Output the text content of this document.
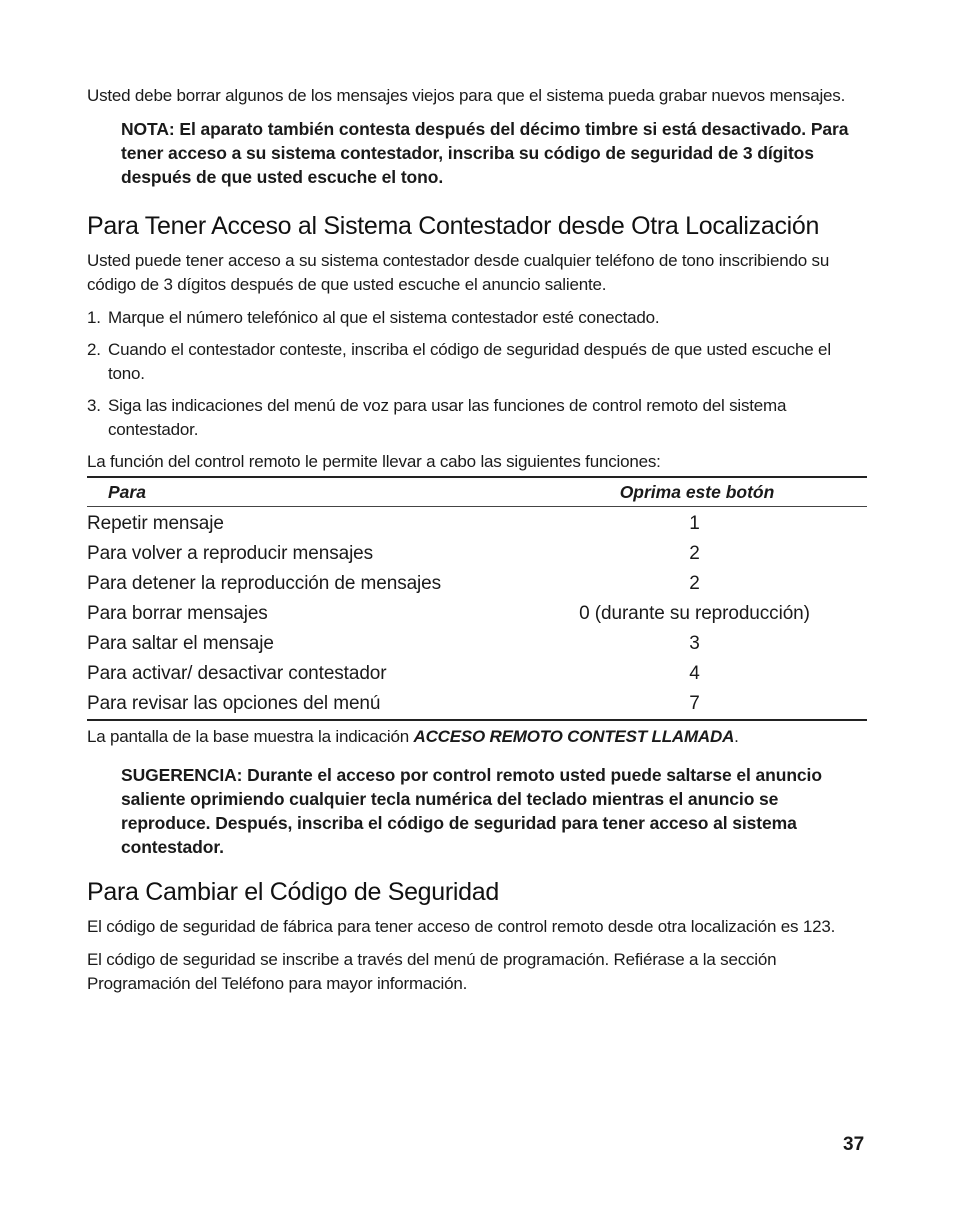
Usted debe borrar algunos de los mensajes viejos para que el sistema pueda grabar nuevos mensajes.

NOTA: El aparato también contesta después del décimo timbre si está desactivado. Para tener acceso a su sistema contestador, inscriba su código de seguridad de 3 dígitos después de que usted escuche el tono.

Para Tener Acceso al Sistema Contestador desde Otra Localización

Usted puede tener acceso a su sistema contestador desde cualquier teléfono de tono inscribiendo su código de 3 dígitos después de que usted escuche el anuncio saliente.

1. Marque el número telefónico al que el sistema contestador esté conectado.
2. Cuando el contestador conteste, inscriba el código de seguridad después de que usted escuche el tono.
3. Siga las indicaciones del menú de voz para usar las funciones de control remoto del sistema contestador.

La función del control remoto le permite llevar a cabo las siguientes funciones:

Para	Oprima este botón
Repetir mensaje	1
Para volver a reproducir mensajes	2
Para detener la reproducción de mensajes	2
Para borrar mensajes	0 (durante su reproducción)
Para saltar el mensaje	3
Para activar/ desactivar contestador	4
Para revisar las opciones del menú	7

La pantalla de la base muestra la indicación ACCESO REMOTO CONTEST LLAMADA.

SUGERENCIA: Durante el acceso por control remoto usted puede saltarse el anuncio saliente oprimiendo cualquier tecla numérica del teclado mientras el anuncio se reproduce. Después, inscriba el código de seguridad para tener acceso al sistema contestador.

Para Cambiar el Código de Seguridad

El código de seguridad de fábrica para tener acceso de control remoto desde otra localización es 123.

El código de seguridad se inscribe a través del menú de programación. Refiérase a la sección Programación del Teléfono para mayor información.

37
